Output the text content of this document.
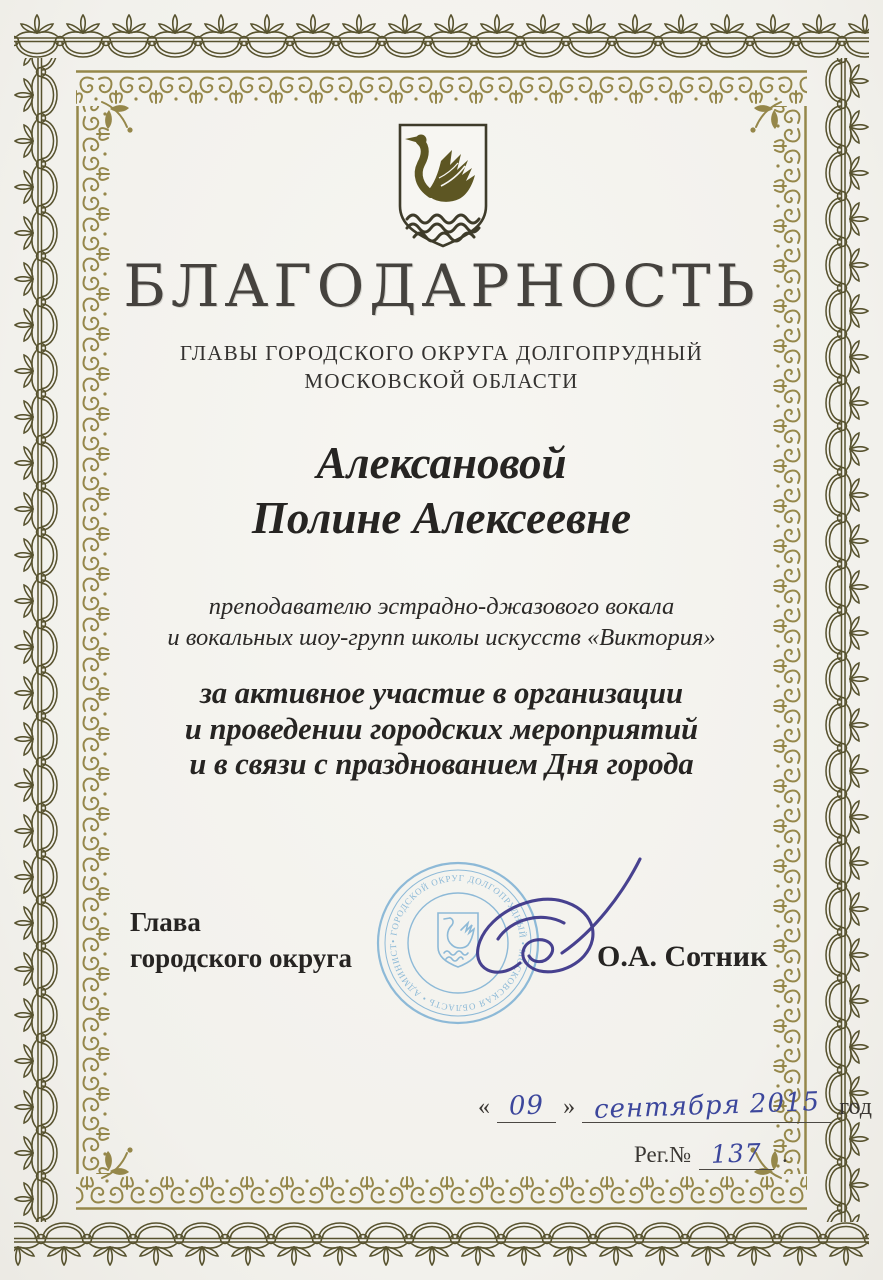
БЛАГОДАРНОСТЬ
ГЛАВЫ ГОРОДСКОГО ОКРУГА ДОЛГОПРУДНЫЙ
МОСКОВСКОЙ ОБЛАСТИ
Алексановой
Полине Алексеевне
преподавателю эстрадно-джазового вокала
и вокальных шоу-групп школы искусств «Виктория»
за активное участие в организации
и проведении городских мероприятий
и в связи с празднованием Дня города
Глава
городского округа
• ГОРОДСКОЙ ОКРУГ ДОЛГОПРУДНЫЙ • МОСКОВСКАЯ ОБЛАСТЬ • АДМИНИСТРАЦИЯ	О.А. Сотник
« 09 » сентября 2015 год
Рег.№ 137 .
